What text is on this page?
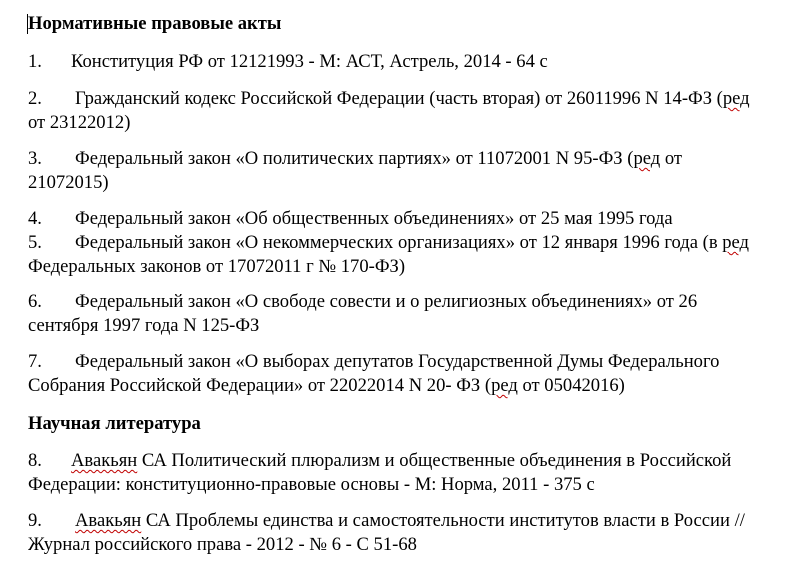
Нормативные правовые акты
1. Конституция РФ от 12121993 - М: АСТ, Астрель, 2014 - 64 с
2. Гражданский кодекс Российской Федерации (часть вторая) от 26011996 N 14-ФЗ (ред
от 23122012)
3. Федеральный закон «О политических партиях» от 11072001 N 95-ФЗ (ред от
21072015)
4. Федеральный закон «Об общественных объединениях» от 25 мая 1995 года
5. Федеральный закон «О некоммерческих организациях» от 12 января 1996 года (в ред
Федеральных законов от 17072011 г № 170-ФЗ)
6. Федеральный закон «О свободе совести и о религиозных объединениях» от 26
сентября 1997 года N 125-ФЗ
7. Федеральный закон «О выборах депутатов Государственной Думы Федерального
Собрания Российской Федерации» от 22022014 N 20- ФЗ (ред от 05042016)
Научная литература
8. Авакьян СА Политический плюрализм и общественные объединения в Российской
Федерации: конституционно-правовые основы - М: Норма, 2011 - 375 с
9. Авакьян СА Проблемы единства и самостоятельности институтов власти в России //
Журнал российского права - 2012 - № 6 - С 51-68
